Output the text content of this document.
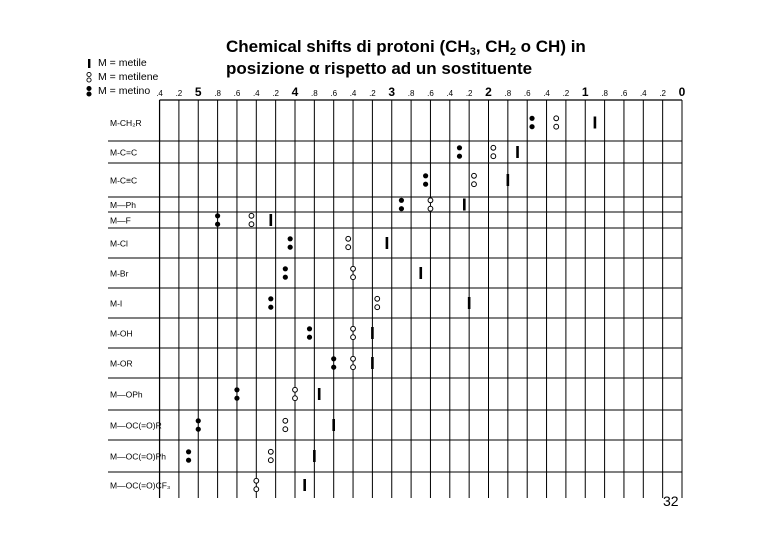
Chemical shifts di protoni ($CH_3$, $CH_2$ o CH) in
posizione α rispetto ad un sostituente
M = metile
M = metilene
M = metino .4 .2 5 .8 .6 .4 .2 4 .8 .6 .4 .2 3 .8 .6 .4 .2 2 .8 .6 .4 .2 1 .8 .6 .4 .2 0
M-CH₂R
M-C=C
M-C≡C
M—Ph
M—F
M-Cl
M-Br
M-I
M-OH
M-OR
M—OPh
M—OC(=O)R
M—OC(=O)Ph
M—OC(=O)CF₃
32
